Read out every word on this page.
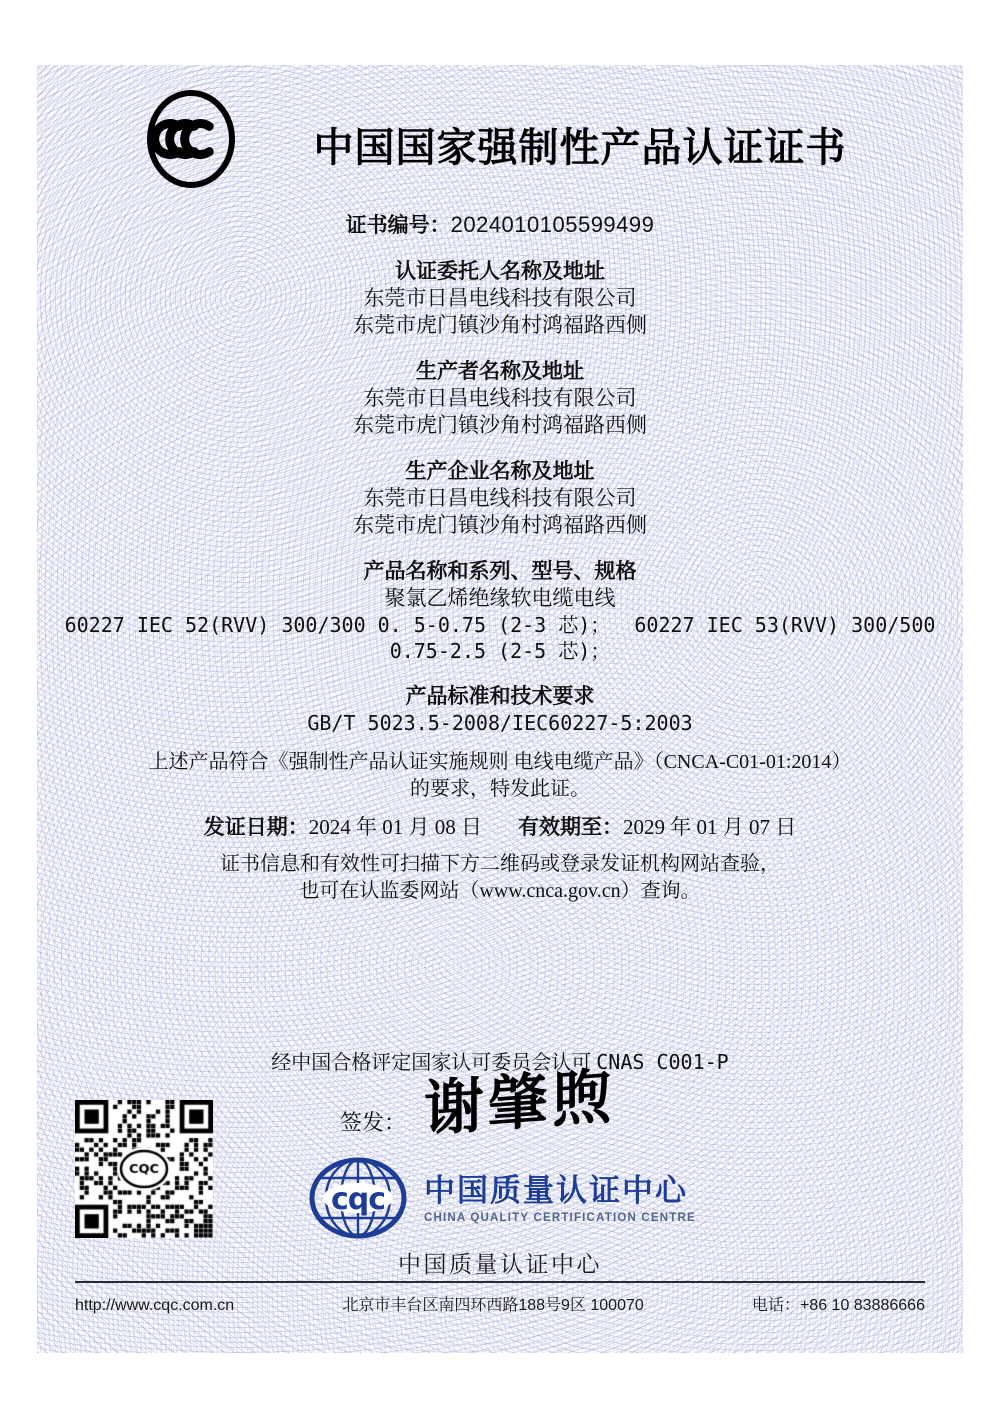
中国国家强制性产品认证证书
证书编号：2024010105599499
认证委托人名称及地址
东莞市日昌电线科技有限公司
东莞市虎门镇沙角村鸿福路西侧
生产者名称及地址
东莞市日昌电线科技有限公司
东莞市虎门镇沙角村鸿福路西侧
生产企业名称及地址
东莞市日昌电线科技有限公司
东莞市虎门镇沙角村鸿福路西侧
产品名称和系列、型号、规格
聚氯乙烯绝缘软电缆电线
60227 IEC 52(RVV) 300/300 0. 5-0.75 (2-3 芯)；  60227 IEC 53(RVV) 300/500
0.75-2.5 (2-5 芯)；
产品标准和技术要求
GB/T 5023.5-2008/IEC60227-5:2003
上述产品符合《强制性产品认证实施规则 电线电缆产品》（CNCA-C01-01:2014）
的要求，特发此证。
发证日期：2024 年 01 月 08 日 有效期至：2029 年 01 月 07 日
证书信息和有效性可扫描下方二维码或登录发证机构网站查验，
也可在认监委网站（www.cnca.gov.cn）查询。
经中国合格评定国家认可委员会认可 CNAS C001-P
签发： 谢肇煦
cqc 中国质量认证中心
CHINA QUALITY CERTIFICATION CENTRE
中国质量认证中心
http://www.cqc.com.cn	北京市丰台区南四环西路188号9区 100070	电话：+86 10 83886666
